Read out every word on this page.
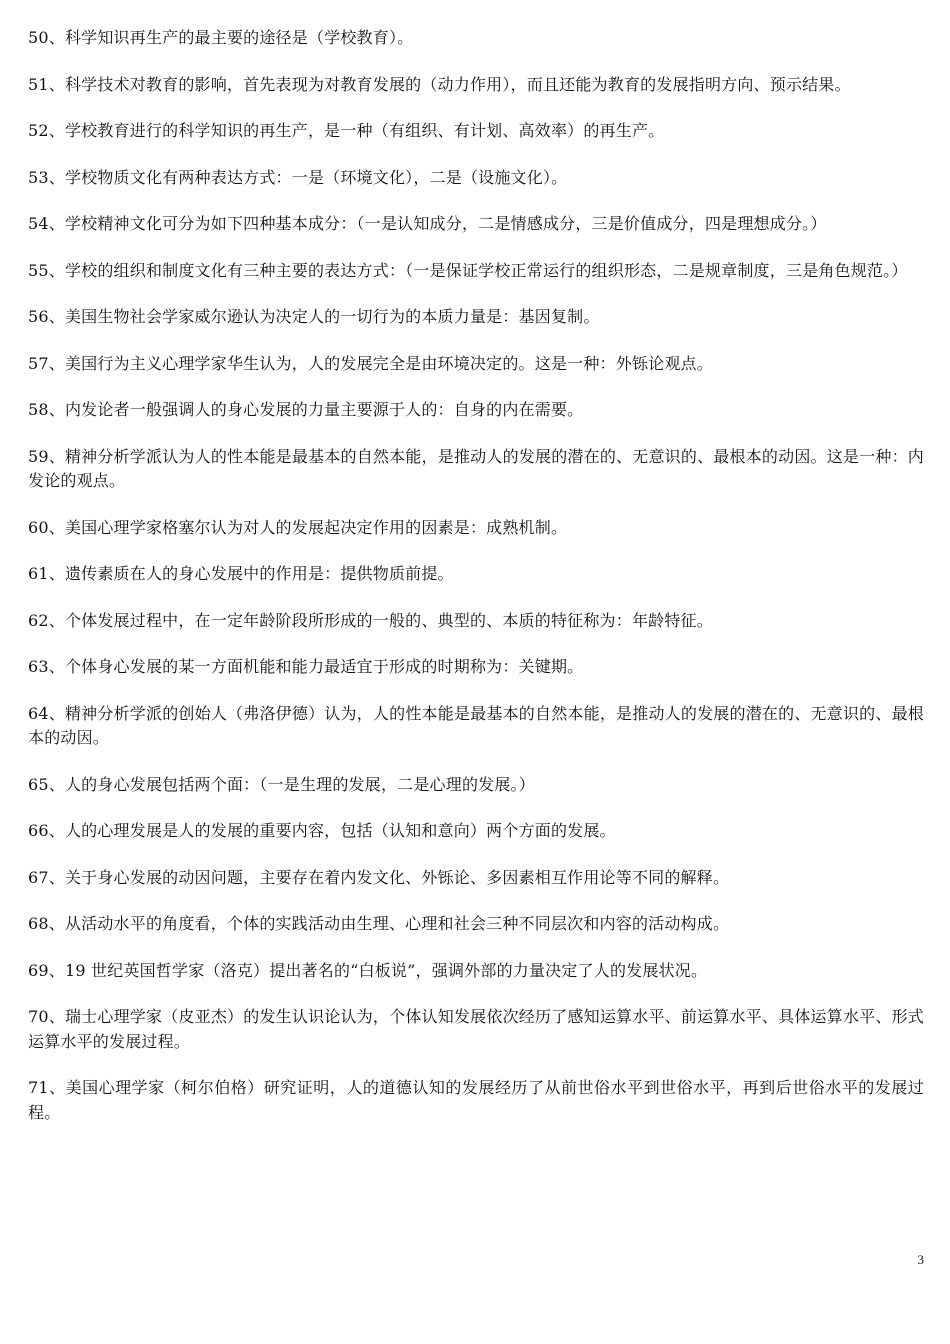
50、科学知识再生产的最主要的途径是（学校教育）。

51、科学技术对教育的影响，首先表现为对教育发展的（动力作用），而且还能为教育的发展指明方向、预示结果。

52、学校教育进行的科学知识的再生产，是一种（有组织、有计划、高效率）的再生产。

53、学校物质文化有两种表达方式：一是（环境文化），二是（设施文化）。

54、学校精神文化可分为如下四种基本成分：（一是认知成分，二是情感成分，三是价值成分，四是理想成分。）

55、学校的组织和制度文化有三种主要的表达方式：（一是保证学校正常运行的组织形态，二是规章制度，三是角色规范。）

56、美国生物社会学家威尔逊认为决定人的一切行为的本质力量是：基因复制。

57、美国行为主义心理学家华生认为，人的发展完全是由环境决定的。这是一种：外铄论观点。

58、内发论者一般强调人的身心发展的力量主要源于人的：自身的内在需要。

59、精神分析学派认为人的性本能是最基本的自然本能，是推动人的发展的潜在的、无意识的、最根本的动因。这是一种：内发论的观点。

60、美国心理学家格塞尔认为对人的发展起决定作用的因素是：成熟机制。

61、遗传素质在人的身心发展中的作用是：提供物质前提。

62、个体发展过程中，在一定年龄阶段所形成的一般的、典型的、本质的特征称为：年龄特征。

63、个体身心发展的某一方面机能和能力最适宜于形成的时期称为：关键期。

64、精神分析学派的创始人（弗洛伊德）认为，人的性本能是最基本的自然本能，是推动人的发展的潜在的、无意识的、最根本的动因。

65、人的身心发展包括两个面：（一是生理的发展，二是心理的发展。）

66、人的心理发展是人的发展的重要内容，包括（认知和意向）两个方面的发展。

67、关于身心发展的动因问题，主要存在着内发文化、外铄论、多因素相互作用论等不同的解释。

68、从活动水平的角度看，个体的实践活动由生理、心理和社会三种不同层次和内容的活动构成。

69、19 世纪英国哲学家（洛克）提出著名的“白板说”，强调外部的力量决定了人的发展状况。

70、瑞士心理学家（皮亚杰）的发生认识论认为，个体认知发展依次经历了感知运算水平、前运算水平、具体运算水平、形式运算水平的发展过程。

71、美国心理学家（柯尔伯格）研究证明，人的道德认知的发展经历了从前世俗水平到世俗水平，再到后世俗水平的发展过程。

3
